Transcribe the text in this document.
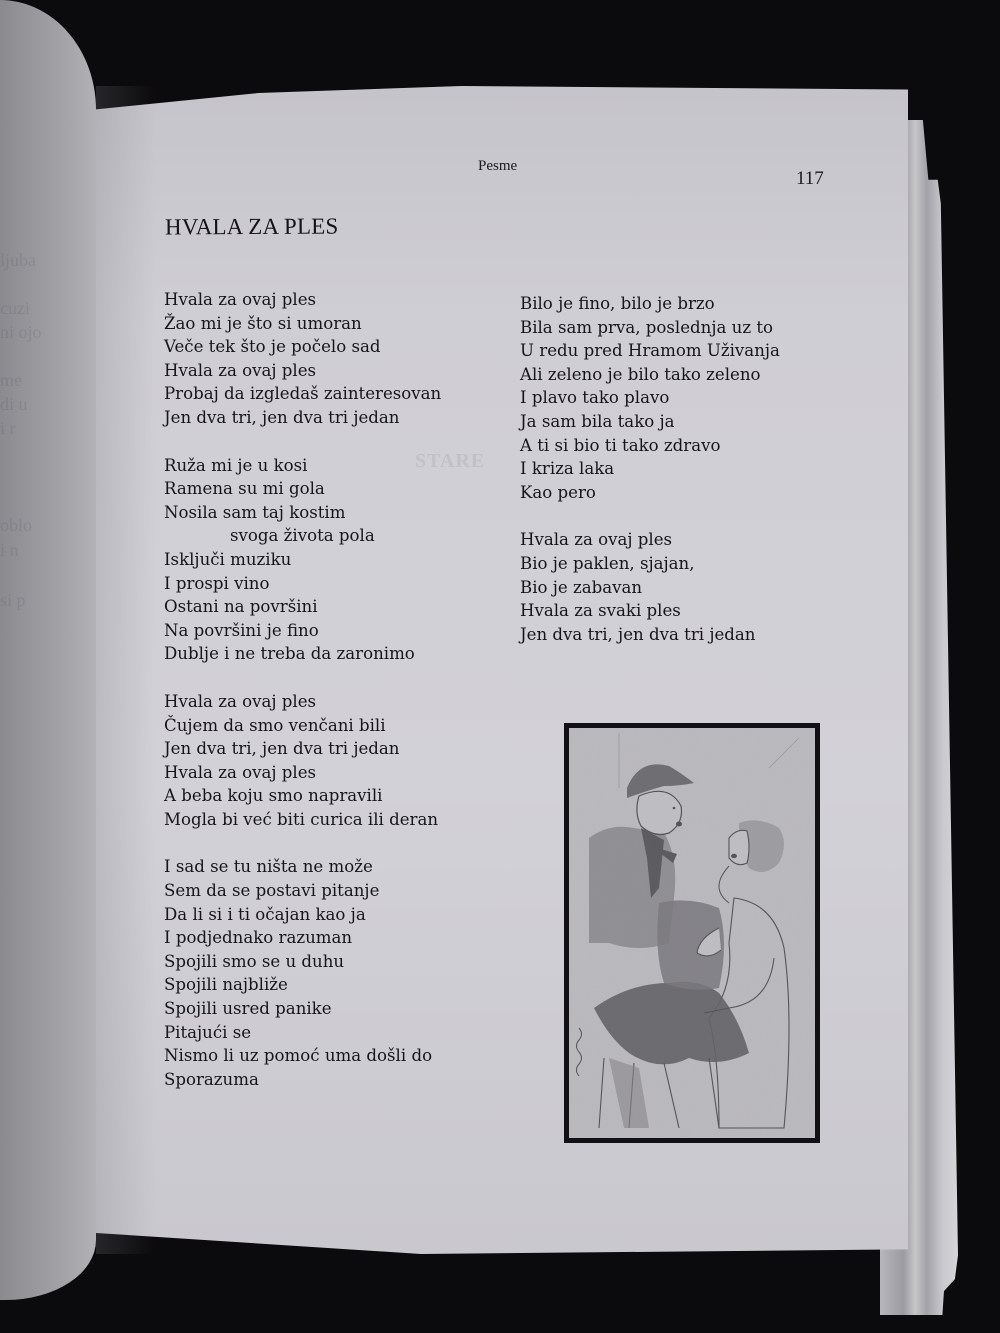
ljuba
cuzi
ni ojo
me
di u
i r
oblo
i n
si p
Pesme
117
STARE
HVALA ZA PLES
Hvala za ovaj ples
Žao mi je što si umoran
Veče tek što je počelo sad
Hvala za ovaj ples
Probaj da izgledaš zainteresovan
Jen dva tri, jen dva tri jedan
Ruža mi je u kosi
Ramena su mi gola
Nosila sam taj kostim
svoga života pola
Isključi muziku
I prospi vino
Ostani na površini
Na površini je fino
Dublje i ne treba da zaronimo
Hvala za ovaj ples
Čujem da smo venčani bili
Jen dva tri, jen dva tri jedan
Hvala za ovaj ples
A beba koju smo napravili
Mogla bi već biti curica ili deran
I sad se tu ništa ne može
Sem da se postavi pitanje
Da li si i ti očajan kao ja
I podjednako razuman
Spojili smo se u duhu
Spojili najbliže
Spojili usred panike
Pitajući se
Nismo li uz pomoć uma došli do
Sporazuma
Bilo je fino, bilo je brzo
Bila sam prva, poslednja uz to
U redu pred Hramom Uživanja
Ali zeleno je bilo tako zeleno
I plavo tako plavo
Ja sam bila tako ja
A ti si bio ti tako zdravo
I kriza laka
Kao pero
Hvala za ovaj ples
Bio je paklen, sjajan,
Bio je zabavan
Hvala za svaki ples
Jen dva tri, jen dva tri jedan
